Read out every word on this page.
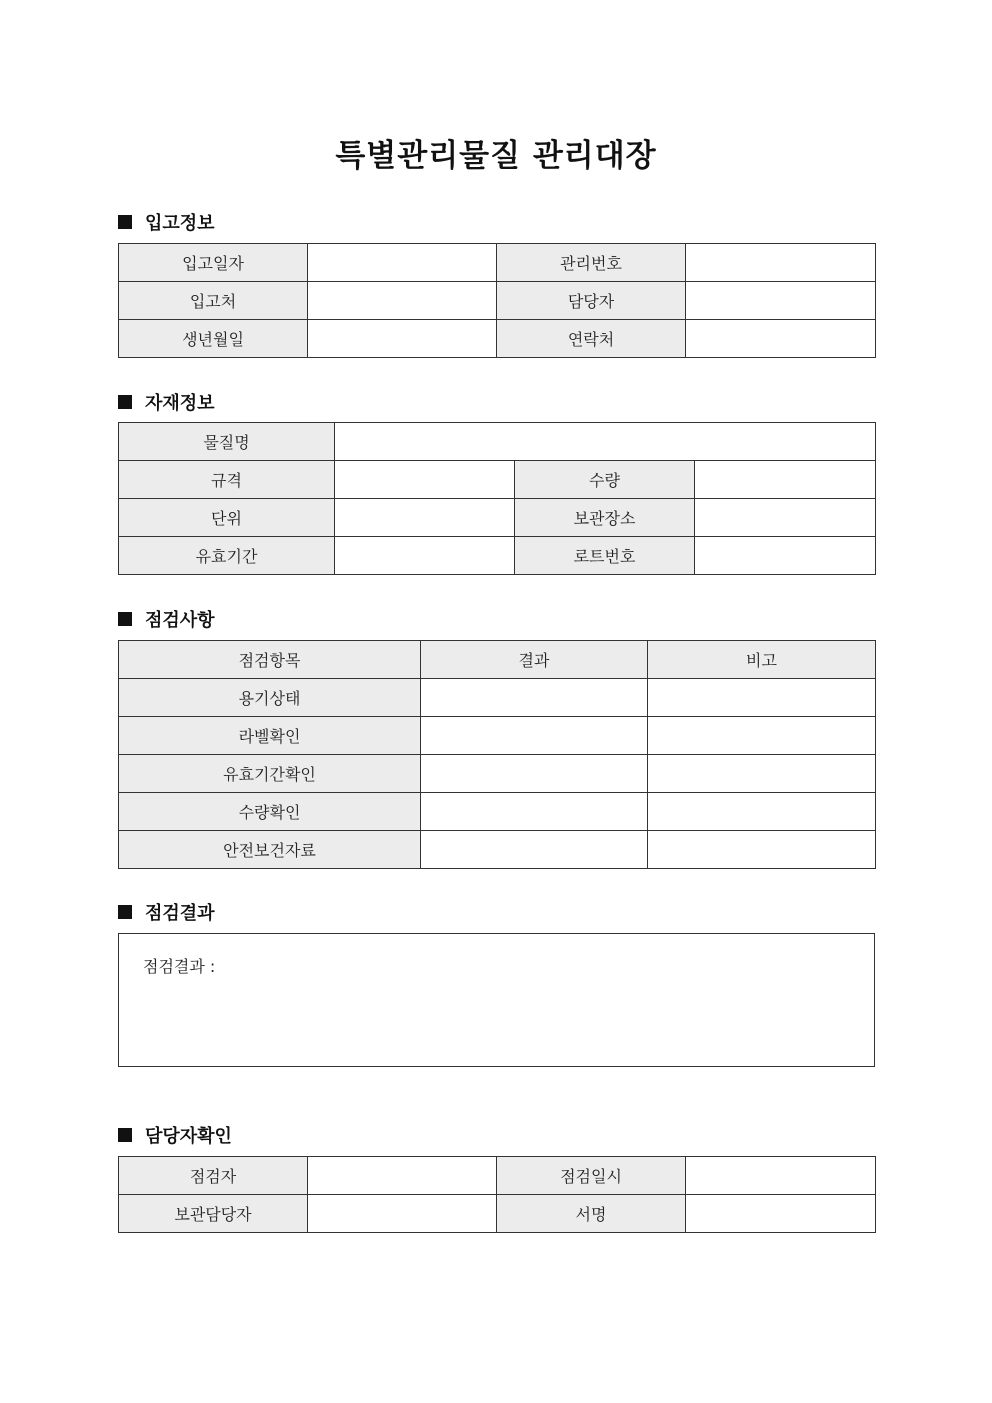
특별관리물질 관리대장
입고정보
입고일자		관리번호	
입고처		담당자	
생년월일		연락처	
자재정보
물질명			
규격		수량	
단위		보관장소	
유효기간		로트번호	
점검사항
점검항목	결과	비고
용기상태		
라벨확인		
유효기간확인		
수량확인		
안전보건자료		
점검결과
점검결과 :
담당자확인
점검자		점검일시	
보관담당자		서명	
